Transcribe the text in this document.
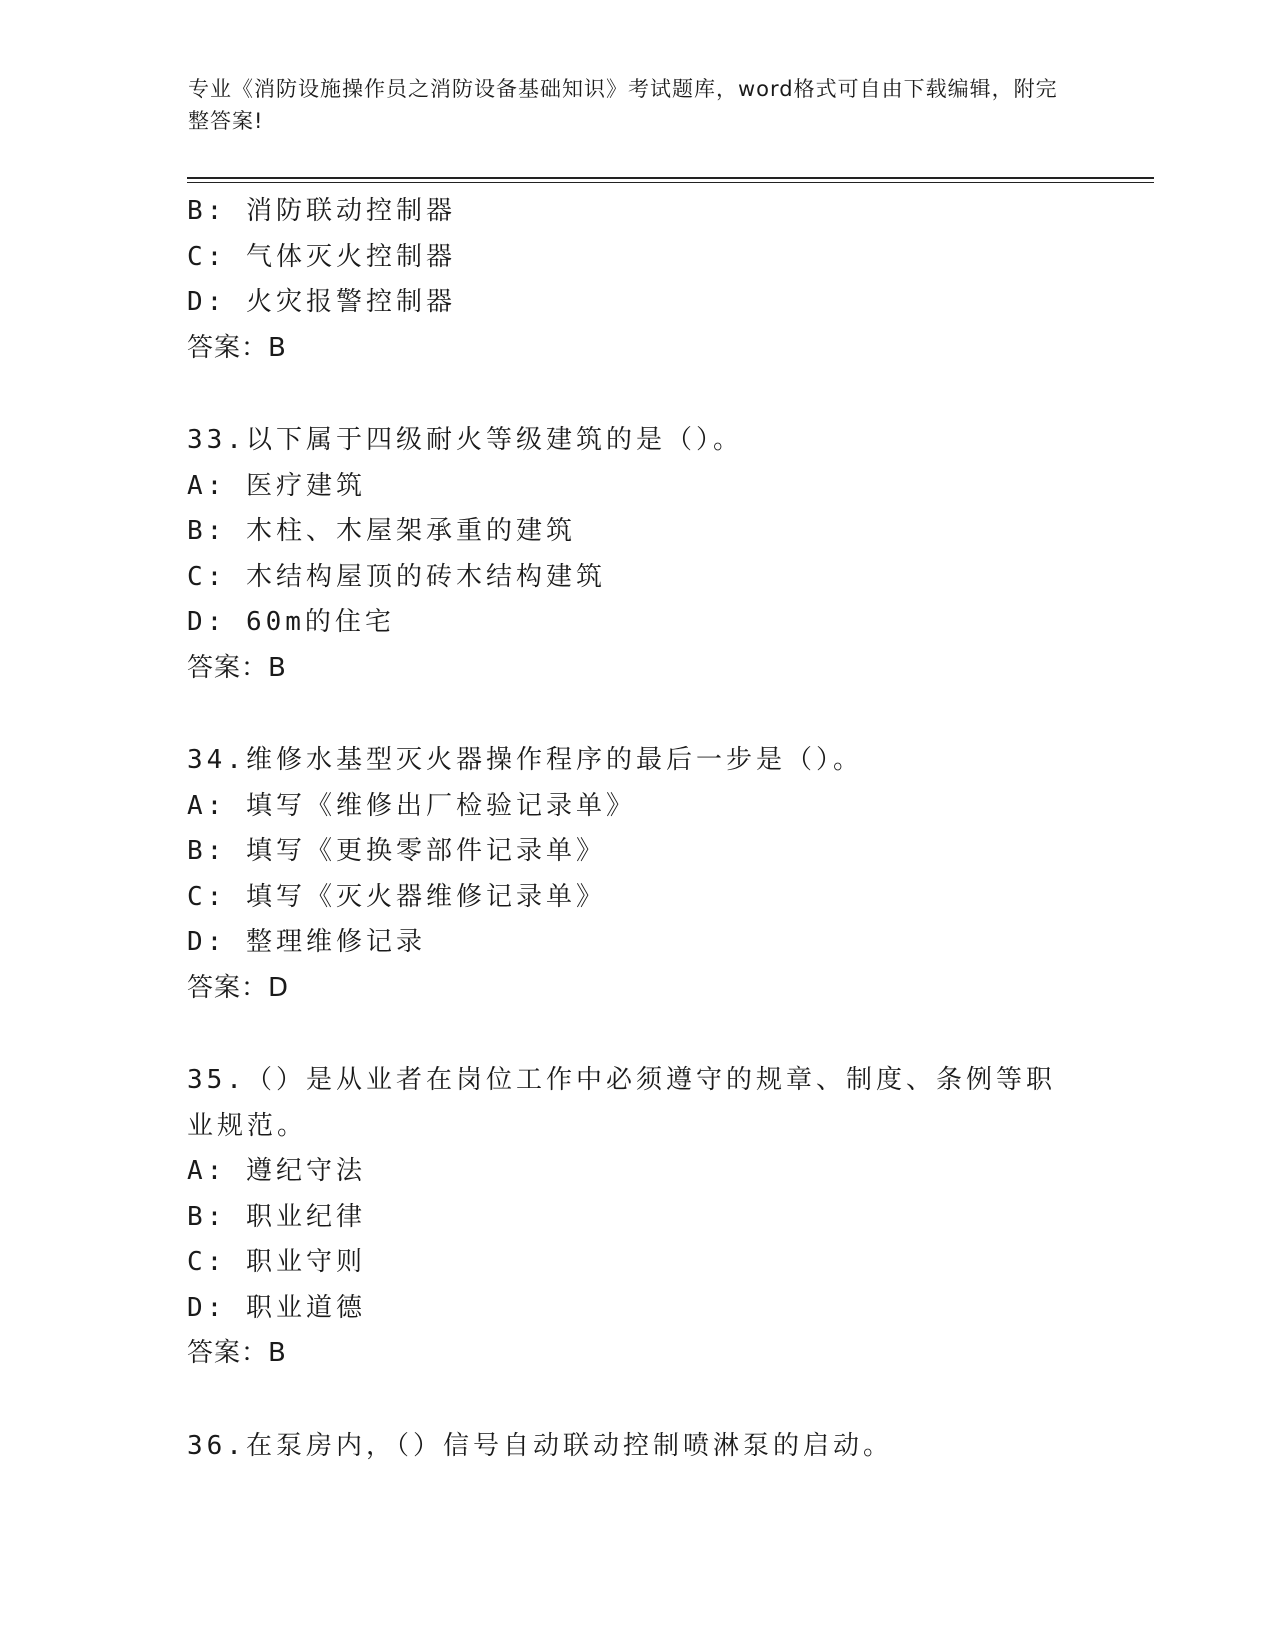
专业《消防设施操作员之消防设备基础知识》考试题库，word格式可自由下载编辑，附完整答案!
B: 消防联动控制器
C: 气体灭火控制器
D: 火灾报警控制器
答案：B
33.以下属于四级耐火等级建筑的是（）。
A: 医疗建筑
B: 木柱、木屋架承重的建筑
C: 木结构屋顶的砖木结构建筑
D: 60m的住宅
答案：B
34.维修水基型灭火器操作程序的最后一步是（）。
A: 填写《维修出厂检验记录单》
B: 填写《更换零部件记录单》
C: 填写《灭火器维修记录单》
D: 整理维修记录
答案：D
35.（）是从业者在岗位工作中必须遵守的规章、制度、条例等职业规范。
A: 遵纪守法
B: 职业纪律
C: 职业守则
D: 职业道德
答案：B
36.在泵房内，（）信号自动联动控制喷淋泵的启动。
